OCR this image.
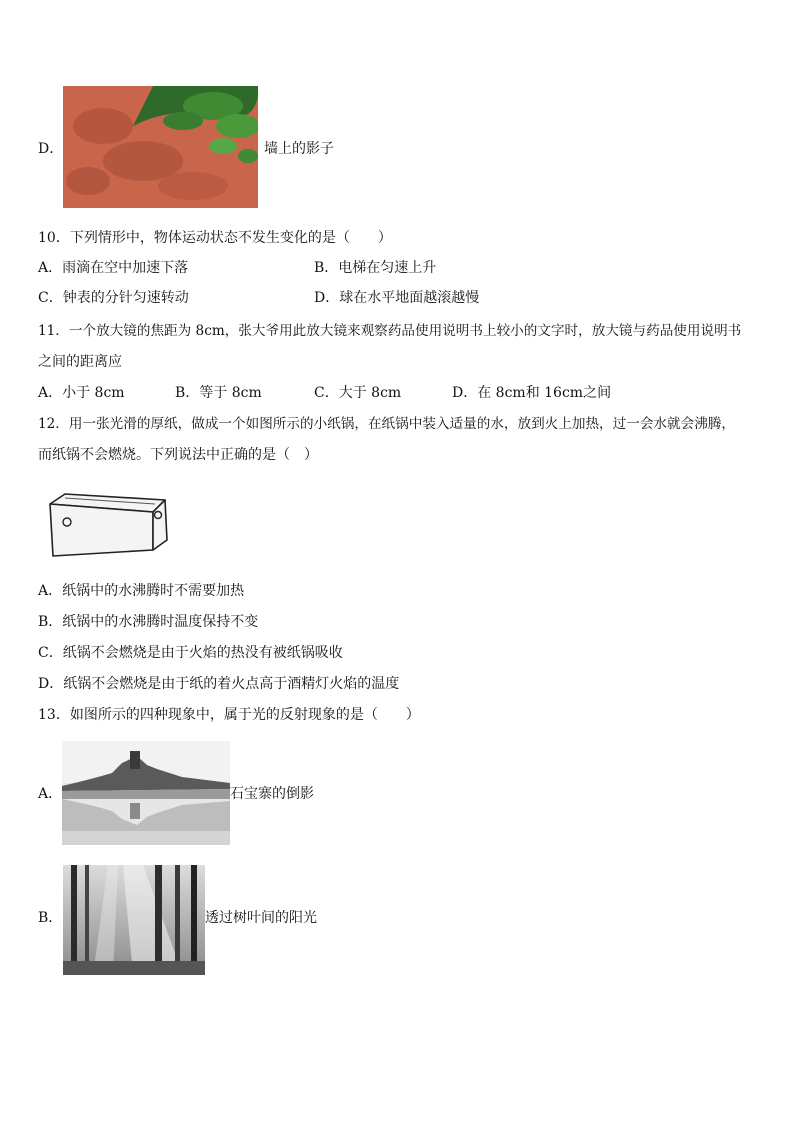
D．	墙上的影子
10．下列情形中，物体运动状态不发生变化的是（　　）
A．雨滴在空中加速下落	B．电梯在匀速上升
C．钟表的分针匀速转动	D．球在水平地面越滚越慢
11．一个放大镜的焦距为 8cm，张大爷用此放大镜来观察药品使用说明书上较小的文字时，放大镜与药品使用说明书
之间的距离应
A．小于 8cm	B．等于 8cm	C．大于 8cm	D．在 8cm和 16cm之间
12．用一张光滑的厚纸，做成一个如图所示的小纸锅，在纸锅中装入适量的水，放到火上加热，过一会水就会沸腾，
而纸锅不会燃烧。下列说法中正确的是（　）
A．纸锅中的水沸腾时不需要加热
B．纸锅中的水沸腾时温度保持不变
C．纸锅不会燃烧是由于火焰的热没有被纸锅吸收
D．纸锅不会燃烧是由于纸的着火点高于酒精灯火焰的温度
13．如图所示的四种现象中，属于光的反射现象的是（　　）
A．	石宝寨的倒影
B．	透过树叶间的阳光
